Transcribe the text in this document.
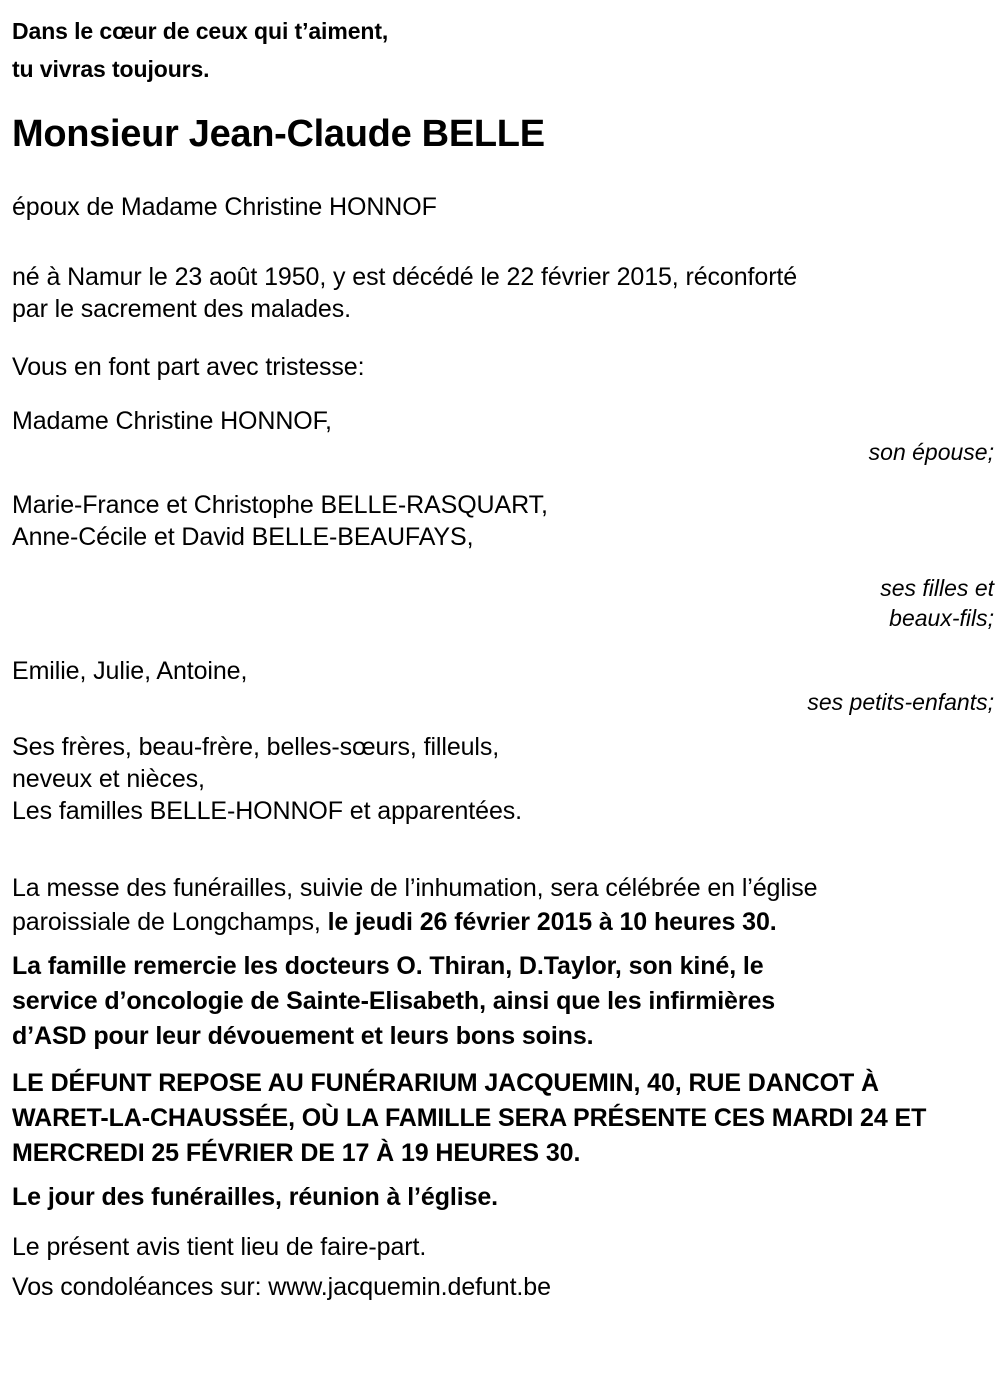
Dans le cœur de ceux qui t’aiment,
tu vivras toujours.
Monsieur Jean-Claude BELLE
époux de Madame Christine HONNOF
né à Namur le 23 août 1950, y est décédé le 22 février 2015, réconforté
par le sacrement des malades.
Vous en font part avec tristesse:
Madame Christine HONNOF,
son épouse;
Marie-France et Christophe BELLE-RASQUART,
Anne-Cécile et David BELLE-BEAUFAYS,
ses filles et
beaux-fils;
Emilie, Julie, Antoine,
ses petits-enfants;
Ses frères, beau-frère, belles-sœurs, filleuls,
neveux et nièces,
Les familles BELLE-HONNOF et apparentées.
La messe des funérailles, suivie de l’inhumation, sera célébrée en l’église
paroissiale de Longchamps, le jeudi 26 février 2015 à 10 heures 30.
La famille remercie les docteurs O. Thiran, D.Taylor, son kiné, le
service d’oncologie de Sainte-Elisabeth, ainsi que les infirmières
d’ASD pour leur dévouement et leurs bons soins.
LE DÉFUNT REPOSE AU FUNÉRARIUM JACQUEMIN, 40, RUE DANCOT À
WARET-LA-CHAUSSÉE, OÙ LA FAMILLE SERA PRÉSENTE CES MARDI 24 ET
MERCREDI 25 FÉVRIER DE 17 À 19 HEURES 30.
Le jour des funérailles, réunion à l’église.
Le présent avis tient lieu de faire-part.
Vos condoléances sur: www.jacquemin.defunt.be
